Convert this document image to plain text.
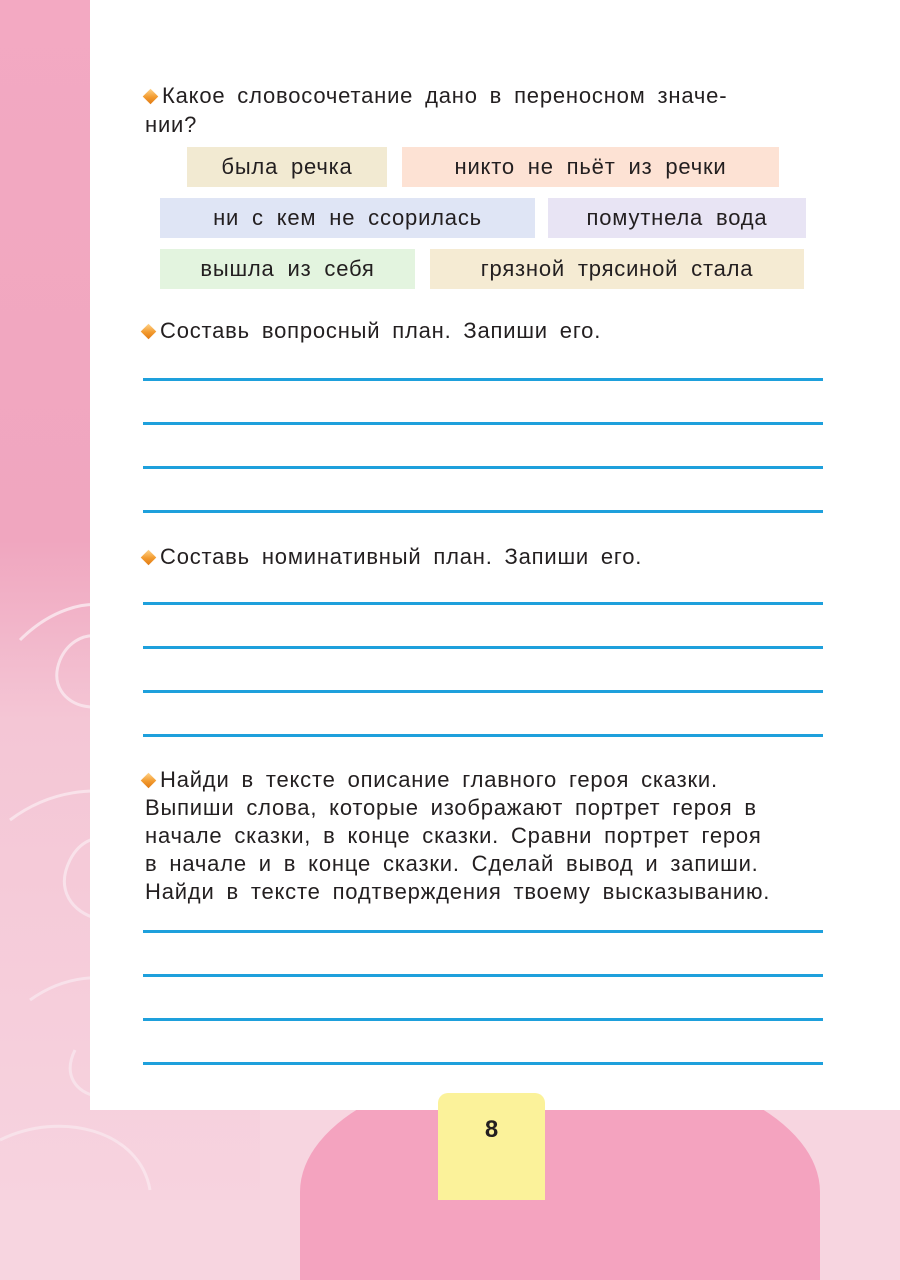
Какое словосочетание дано в переносном значе-
нии?
была речка	никто не пьёт из речки
ни с кем не ссорилась	помутнела вода
вышла из себя	грязной трясиной стала
Составь вопросный план. Запиши его.
Составь номинативный план. Запиши его.
Найди в тексте описание главного героя сказки.
Выпиши слова, которые изображают портрет героя в
начале сказки, в конце сказки. Сравни портрет героя
в начале и в конце сказки. Сделай вывод и запиши.
Найди в тексте подтверждения твоему высказыванию.
8
